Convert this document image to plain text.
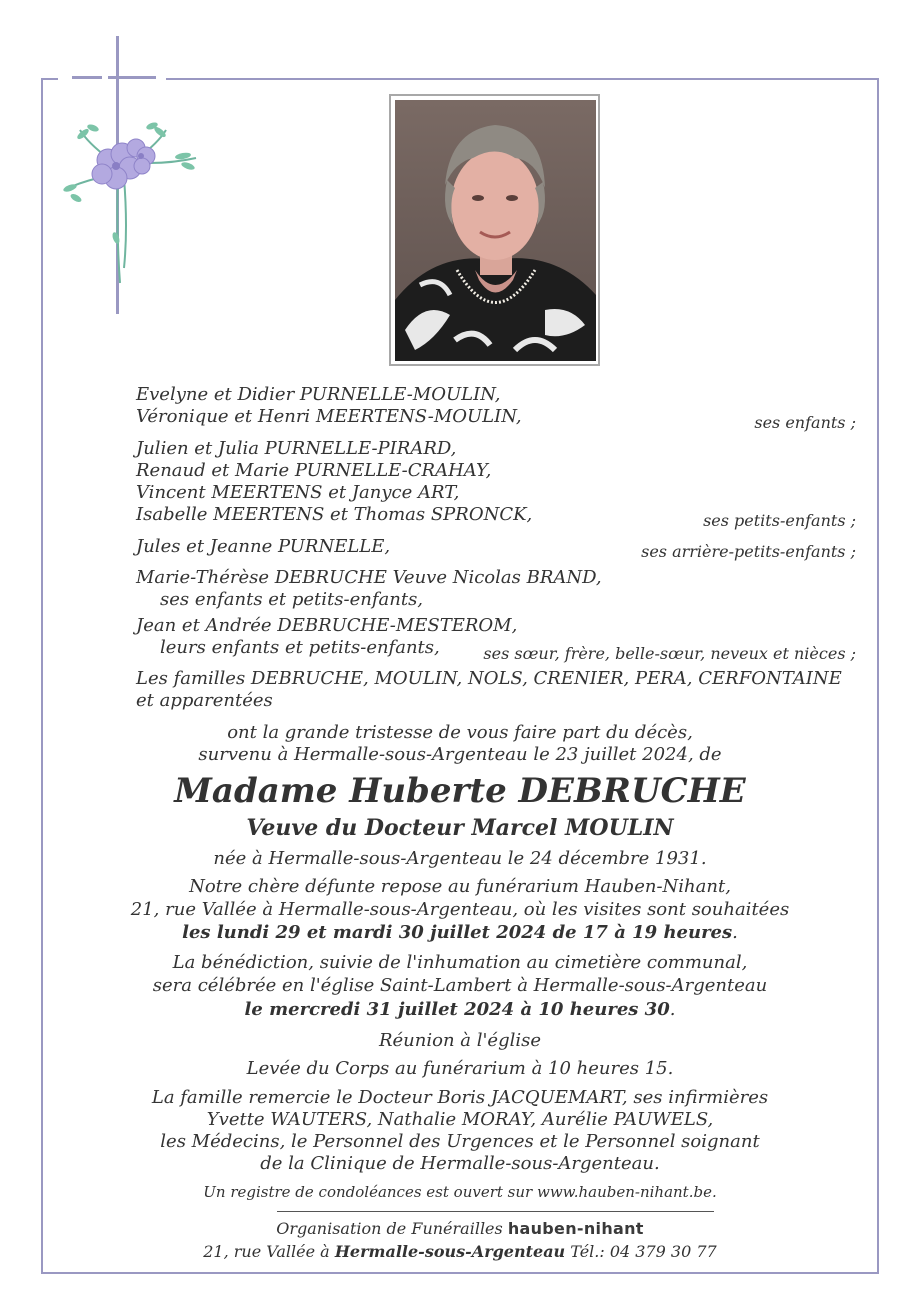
Evelyne et Didier PURNELLE-MOULIN,
Véronique et Henri MEERTENS-MOULIN,	ses enfants ;
Julien et Julia PURNELLE-PIRARD,
Renaud et Marie PURNELLE-CRAHAY,
Vincent MEERTENS et Janyce ART,
Isabelle MEERTENS et Thomas SPRONCK,	ses petits-enfants ;
Jules et Jeanne PURNELLE,	ses arrière-petits-enfants ;
Marie-Thérèse DEBRUCHE Veuve Nicolas BRAND,
ses enfants et petits-enfants,
Jean et Andrée DEBRUCHE-MESTEROM,
leurs enfants et petits-enfants,	ses sœur, frère, belle-sœur, neveux et nièces ;
Les familles DEBRUCHE, MOULIN, NOLS, CRENIER, PERA, CERFONTAINE
et apparentées
ont la grande tristesse de vous faire part du décès,
survenu à Hermalle-sous-Argenteau le 23 juillet 2024, de
Madame Huberte DEBRUCHE
Veuve du Docteur Marcel MOULIN
née à Hermalle-sous-Argenteau le 24 décembre 1931.
Notre chère défunte repose au funérarium Hauben-Nihant,
21, rue Vallée à Hermalle-sous-Argenteau, où les visites sont souhaitées
les lundi 29 et mardi 30 juillet 2024 de 17 à 19 heures.
La bénédiction, suivie de l'inhumation au cimetière communal,
sera célébrée en l'église Saint-Lambert à Hermalle-sous-Argenteau
le mercredi 31 juillet 2024 à 10 heures 30.
Réunion à l'église
Levée du Corps au funérarium à 10 heures 15.
La famille remercie le Docteur Boris JACQUEMART, ses infirmières
Yvette WAUTERS, Nathalie MORAY, Aurélie PAUWELS,
les Médecins, le Personnel des Urgences et le Personnel soignant
de la Clinique de Hermalle-sous-Argenteau.
Un registre de condoléances est ouvert sur www.hauben-nihant.be.
Organisation de Funérailles hauben-nihant
21, rue Vallée à Hermalle-sous-Argenteau Tél.: 04 379 30 77
